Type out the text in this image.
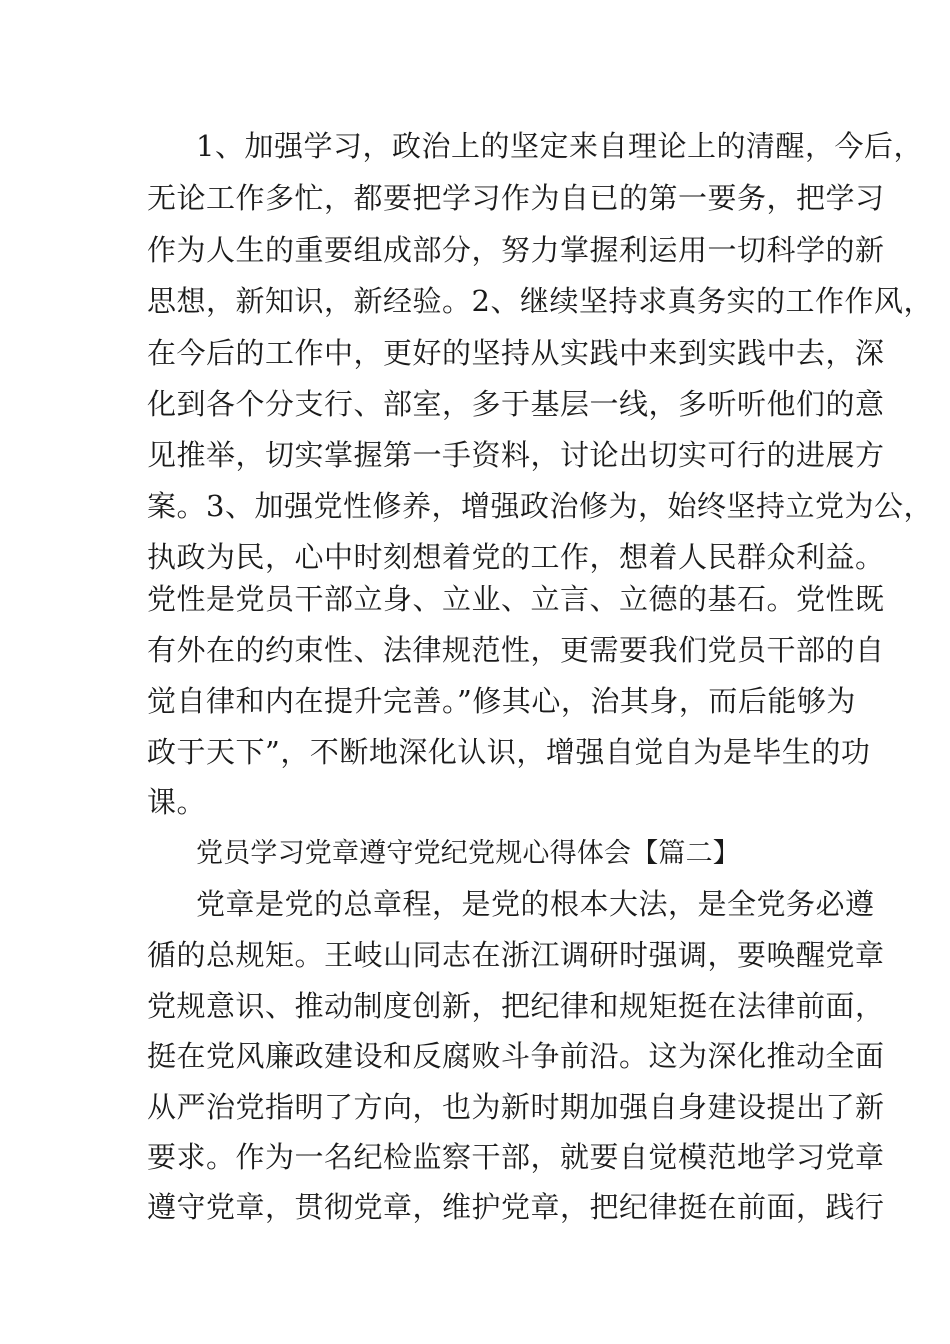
1、加强学习，政治上的坚定来自理论上的清醒，今后，
无论工作多忙，都要把学习作为自已的第一要务，把学习
作为人生的重要组成部分，努力掌握利运用一切科学的新
思想，新知识，新经验。2、继续坚持求真务实的工作作风，
在今后的工作中，更好的坚持从实践中来到实践中去，深
化到各个分支行、部室，多于基层一线，多听听他们的意
见推举，切实掌握第一手资料，讨论出切实可行的进展方
案。3、加强党性修养，增强政治修为，始终坚持立党为公，
执政为民，心中时刻想着党的工作，想着人民群众利益。
党性是党员干部立身、立业、立言、立德的基石。党性既
有外在的约束性、法律规范性，更需要我们党员干部的自
觉自律和内在提升完善。”修其心，治其身，而后能够为
政于天下”，不断地深化认识，增强自觉自为是毕生的功
课。
党员学习党章遵守党纪党规心得体会【篇二】
党章是党的总章程，是党的根本大法，是全党务必遵
循的总规矩。王岐山同志在浙江调研时强调，要唤醒党章
党规意识、推动制度创新，把纪律和规矩挺在法律前面，
挺在党风廉政建设和反腐败斗争前沿。这为深化推动全面
从严治党指明了方向，也为新时期加强自身建设提出了新
要求。作为一名纪检监察干部，就要自觉模范地学习党章
遵守党章，贯彻党章，维护党章，把纪律挺在前面，践行
